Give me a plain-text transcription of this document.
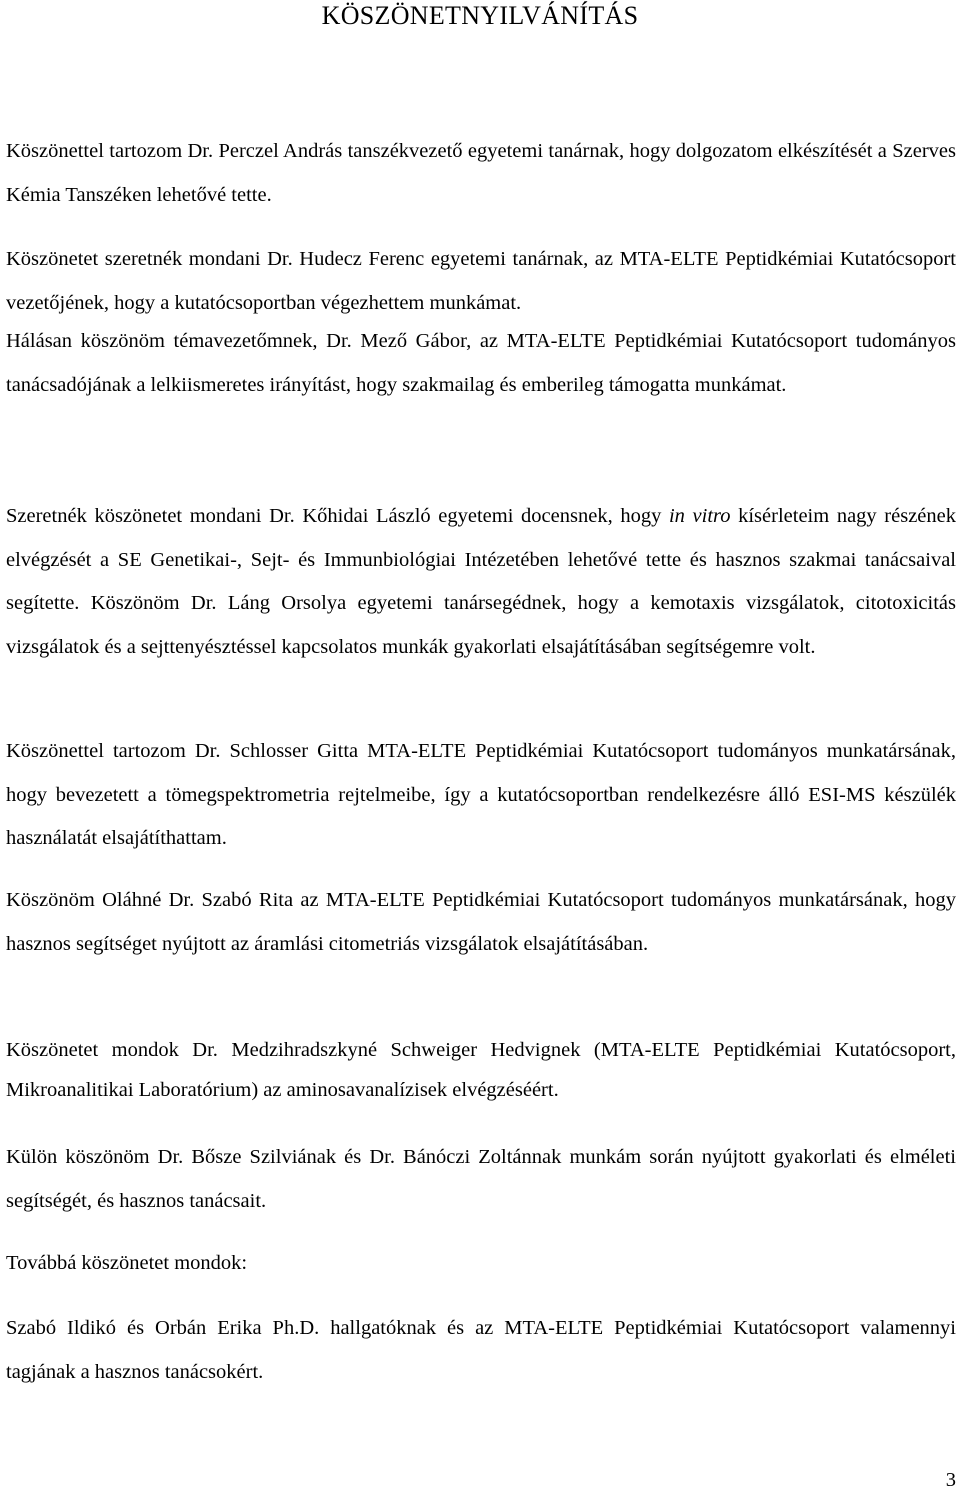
KÖSZÖNETNYILVÁNÍTÁS

Köszönettel tartozom Dr. Perczel András tanszékvezető egyetemi tanárnak, hogy dolgozatom elkészítését a Szerves Kémia Tanszéken lehetővé tette.

Köszönetet szeretnék mondani Dr. Hudecz Ferenc egyetemi tanárnak, az MTA-ELTE Peptidkémiai Kutatócsoport vezetőjének, hogy a kutatócsoportban végezhettem munkámat.

Hálásan köszönöm témavezetőmnek, Dr. Mező Gábor, az MTA-ELTE Peptidkémiai Kutatócsoport tudományos tanácsadójának a lelkiismeretes irányítást, hogy szakmailag és emberileg támogatta munkámat.

Szeretnék köszönetet mondani Dr. Kőhidai László egyetemi docensnek, hogy in vitro kísérleteim nagy részének elvégzését a SE Genetikai-, Sejt- és Immunbiológiai Intézetében lehetővé tette és hasznos szakmai tanácsaival segítette. Köszönöm Dr. Láng Orsolya egyetemi tanársegédnek, hogy a kemotaxis vizsgálatok, citotoxicitás vizsgálatok és a sejttenyésztéssel kapcsolatos munkák gyakorlati elsajátításában segítségemre volt.

Köszönettel tartozom Dr. Schlosser Gitta MTA-ELTE Peptidkémiai Kutatócsoport tudományos munkatársának, hogy bevezetett a tömegspektrometria rejtelmeibe, így a kutatócsoportban rendelkezésre álló ESI-MS készülék használatát elsajátíthattam.

Köszönöm Oláhné Dr. Szabó Rita az MTA-ELTE Peptidkémiai Kutatócsoport tudományos munkatársának, hogy hasznos segítséget nyújtott az áramlási citometriás vizsgálatok elsajátításában.

Köszönetet mondok Dr. Medzihradszkyné Schweiger Hedvignek (MTA-ELTE Peptidkémiai Kutatócsoport, Mikroanalitikai Laboratórium) az aminosavanalízisek elvégzéséért.

Külön köszönöm Dr. Bősze Szilviának és Dr. Bánóczi Zoltánnak munkám során nyújtott gyakorlati és elméleti segítségét, és hasznos tanácsait.

Továbbá köszönetet mondok:

Szabó Ildikó és Orbán Erika Ph.D. hallgatóknak és az MTA-ELTE Peptidkémiai Kutatócsoport valamennyi tagjának a hasznos tanácsokért.

3
